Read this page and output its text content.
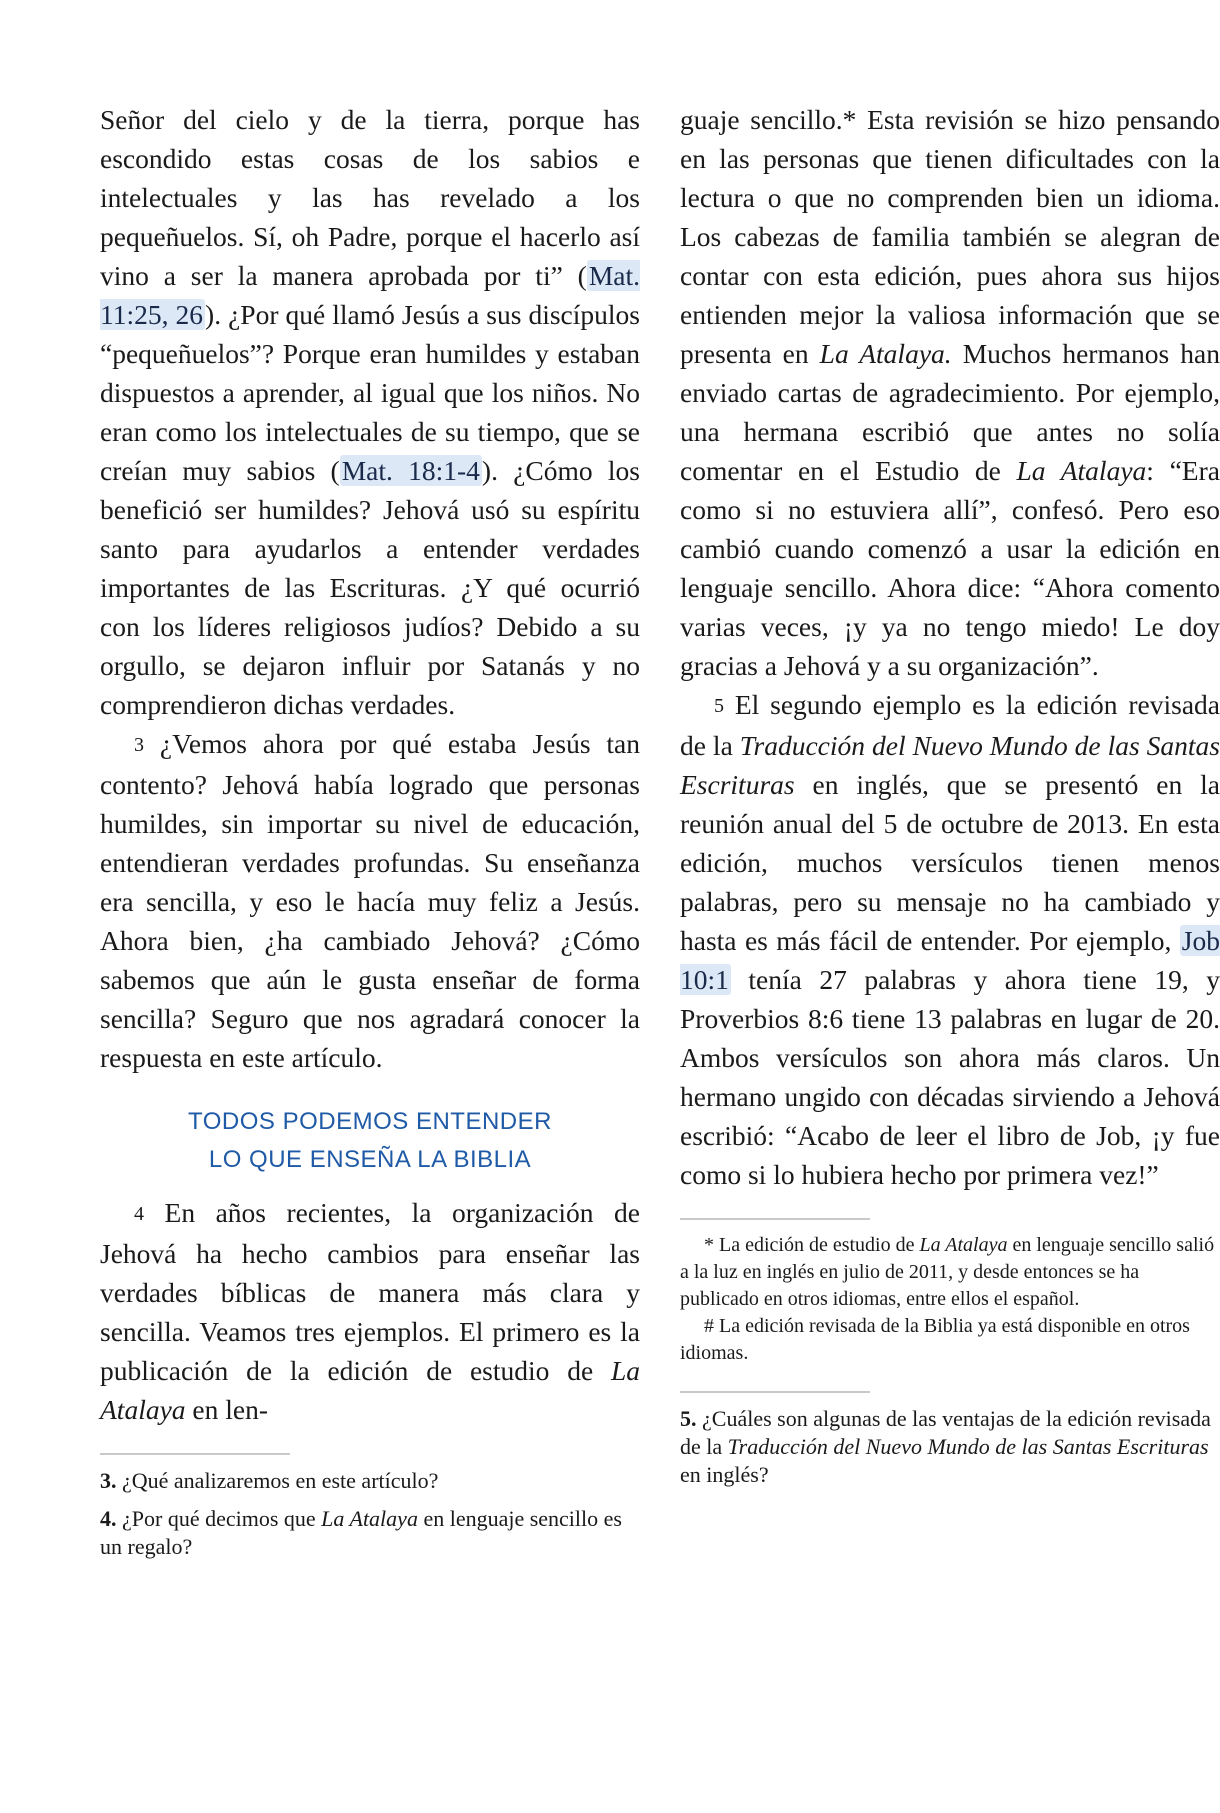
Señor del cielo y de la tierra, porque has escondido estas cosas de los sabios e intelectuales y las has revelado a los pequeñuelos. Sí, oh Padre, porque el hacerlo así vino a ser la manera aprobada por ti” (Mat. 11:25, 26). ¿Por qué llamó Jesús a sus discípulos “pequeñuelos”? Porque eran humildes y estaban dispuestos a aprender, al igual que los niños. No eran como los intelectuales de su tiempo, que se creían muy sabios (Mat. 18:1-4). ¿Cómo los benefició ser humildes? Jehová usó su espíritu santo para ayudarlos a entender verdades importantes de las Escrituras. ¿Y qué ocurrió con los líderes religiosos judíos? Debido a su orgullo, se dejaron influir por Satanás y no comprendieron dichas verdades.

3 ¿Vemos ahora por qué estaba Jesús tan contento? Jehová había logrado que personas humildes, sin importar su nivel de educación, entendieran verdades profundas. Su enseñanza era sencilla, y eso le hacía muy feliz a Jesús. Ahora bien, ¿ha cambiado Jehová? ¿Cómo sabemos que aún le gusta enseñar de forma sencilla? Seguro que nos agradará conocer la respuesta en este artículo.

TODOS PODEMOS ENTENDER
LO QUE ENSEÑA LA BIBLIA

4 En años recientes, la organización de Jehová ha hecho cambios para enseñar las verdades bíblicas de manera más clara y sencilla. Veamos tres ejemplos. El primero es la publicación de la edición de estudio de La Atalaya en len-

3. ¿Qué analizaremos en este artículo?

4. ¿Por qué decimos que La Atalaya en lenguaje sencillo es un regalo?

guaje sencillo.* Esta revisión se hizo pensando en las personas que tienen dificultades con la lectura o que no comprenden bien un idioma. Los cabezas de familia también se alegran de contar con esta edición, pues ahora sus hijos entienden mejor la valiosa información que se presenta en La Atalaya. Muchos hermanos han enviado cartas de agradecimiento. Por ejemplo, una hermana escribió que antes no solía comentar en el Estudio de La Atalaya: “Era como si no estuviera allí”, confesó. Pero eso cambió cuando comenzó a usar la edición en lenguaje sencillo. Ahora dice: “Ahora comento varias veces, ¡y ya no tengo miedo! Le doy gracias a Jehová y a su organización”.

5 El segundo ejemplo es la edición revisada de la Traducción del Nuevo Mundo de las Santas Escrituras en inglés, que se presentó en la reunión anual del 5 de octubre de 2013. En esta edición, muchos versículos tienen menos palabras, pero su mensaje no ha cambiado y hasta es más fácil de entender. Por ejemplo, Job 10:1 tenía 27 palabras y ahora tiene 19, y Proverbios 8:6 tiene 13 palabras en lugar de 20. Ambos versículos son ahora más claros. Un hermano ungido con décadas sirviendo a Jehová escribió: “Acabo de leer el libro de Job, ¡y fue como si lo hubiera hecho por primera vez!”

* La edición de estudio de La Atalaya en lenguaje sencillo salió a la luz en inglés en julio de 2011, y desde entonces se ha publicado en otros idiomas, entre ellos el español.

# La edición revisada de la Biblia ya está disponible en otros idiomas.

5. ¿Cuáles son algunas de las ventajas de la edición revisada de la Traducción del Nuevo Mundo de las Santas Escrituras en inglés?
